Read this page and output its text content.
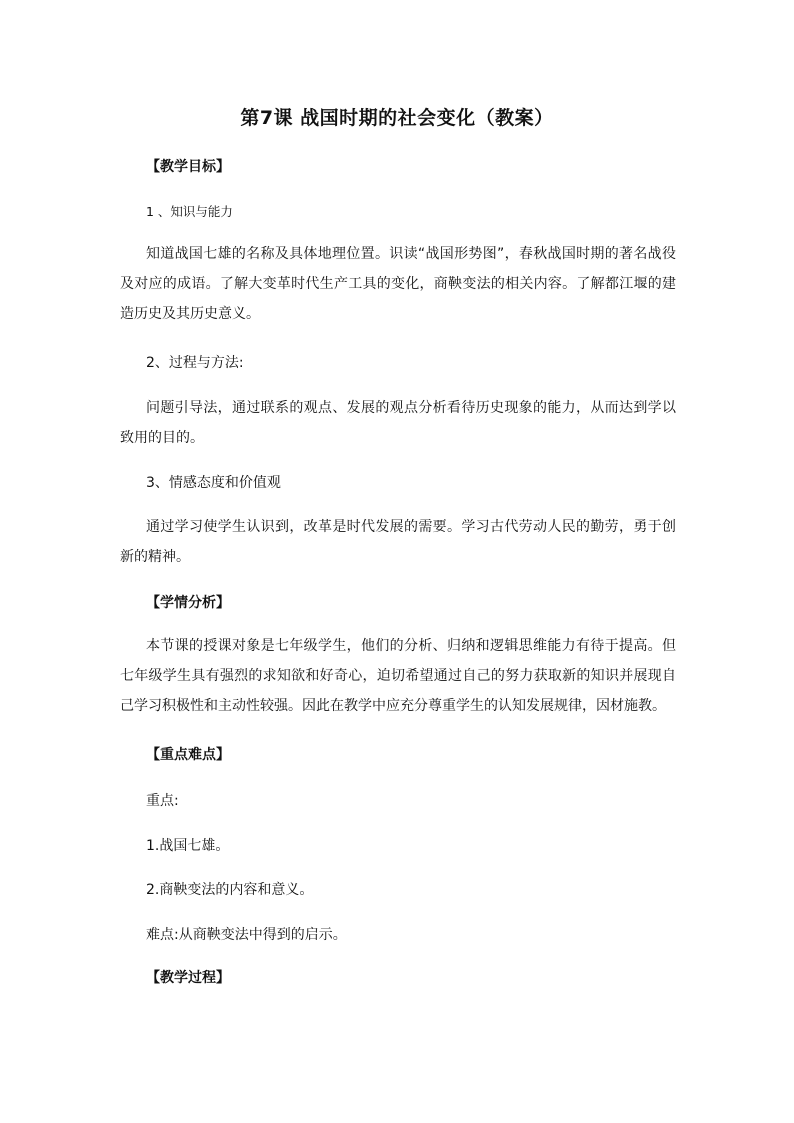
第7课 战国时期的社会变化（教案）
【教学目标】
1 、知识与能力

知道战国七雄的名称及具体地理位置。识读“战国形势图”，春秋战国时期的著名战役及对应的成语。了解大变革时代生产工具的变化，商鞅变法的相关内容。了解都江堰的建造历史及其历史意义。

2、过程与方法:

问题引导法，通过联系的观点、发展的观点分析看待历史现象的能力，从而达到学以致用的目的。

3、情感态度和价值观

通过学习使学生认识到，改革是时代发展的需要。学习古代劳动人民的勤劳，勇于创新的精神。

【学情分析】

本节课的授课对象是七年级学生，他们的分析、归纳和逻辑思维能力有待于提高。但七年级学生具有强烈的求知欲和好奇心，迫切希望通过自己的努力获取新的知识并展现自己学习积极性和主动性较强。因此在教学中应充分尊重学生的认知发展规律，因材施教。

【重点难点】
重点:
1.战国七雄。
2.商鞅变法的内容和意义。
难点:从商鞅变法中得到的启示。
【教学过程】
